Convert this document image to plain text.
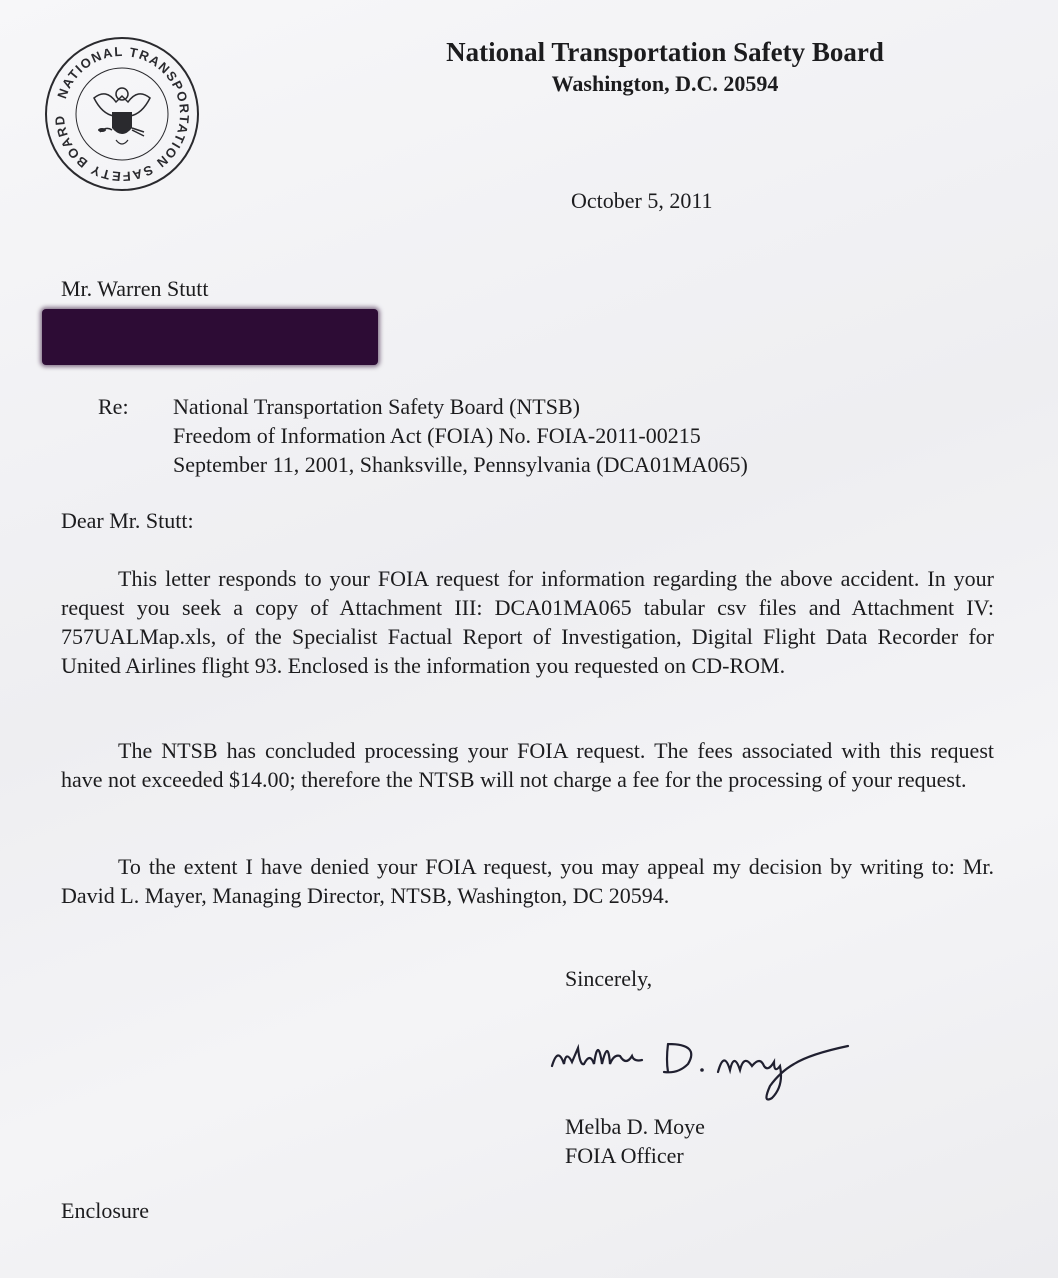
NATIONAL TRANSPORTATION SAFETY BOARD
National Transportation Safety Board
Washington, D.C. 20594
October 5, 2011
Mr. Warren Stutt
Re: National Transportation Safety Board (NTSB)
Freedom of Information Act (FOIA) No. FOIA-2011-00215
September 11, 2001, Shanksville, Pennsylvania (DCA01MA065)
Dear Mr. Stutt:

This letter responds to your FOIA request for information regarding the above accident. In your request you seek a copy of Attachment III: DCA01MA065 tabular csv files and Attachment IV: 757UALMap.xls, of the Specialist Factual Report of Investigation, Digital Flight Data Recorder for United Airlines flight 93. Enclosed is the information you requested on CD-ROM.

The NTSB has concluded processing your FOIA request. The fees associated with this request have not exceeded $14.00; therefore the NTSB will not charge a fee for the processing of your request.

To the extent I have denied your FOIA request, you may appeal my decision by writing to: Mr. David L. Mayer, Managing Director, NTSB, Washington, DC 20594.

Sincerely,
Melba D. Moye
FOIA Officer
Enclosure
